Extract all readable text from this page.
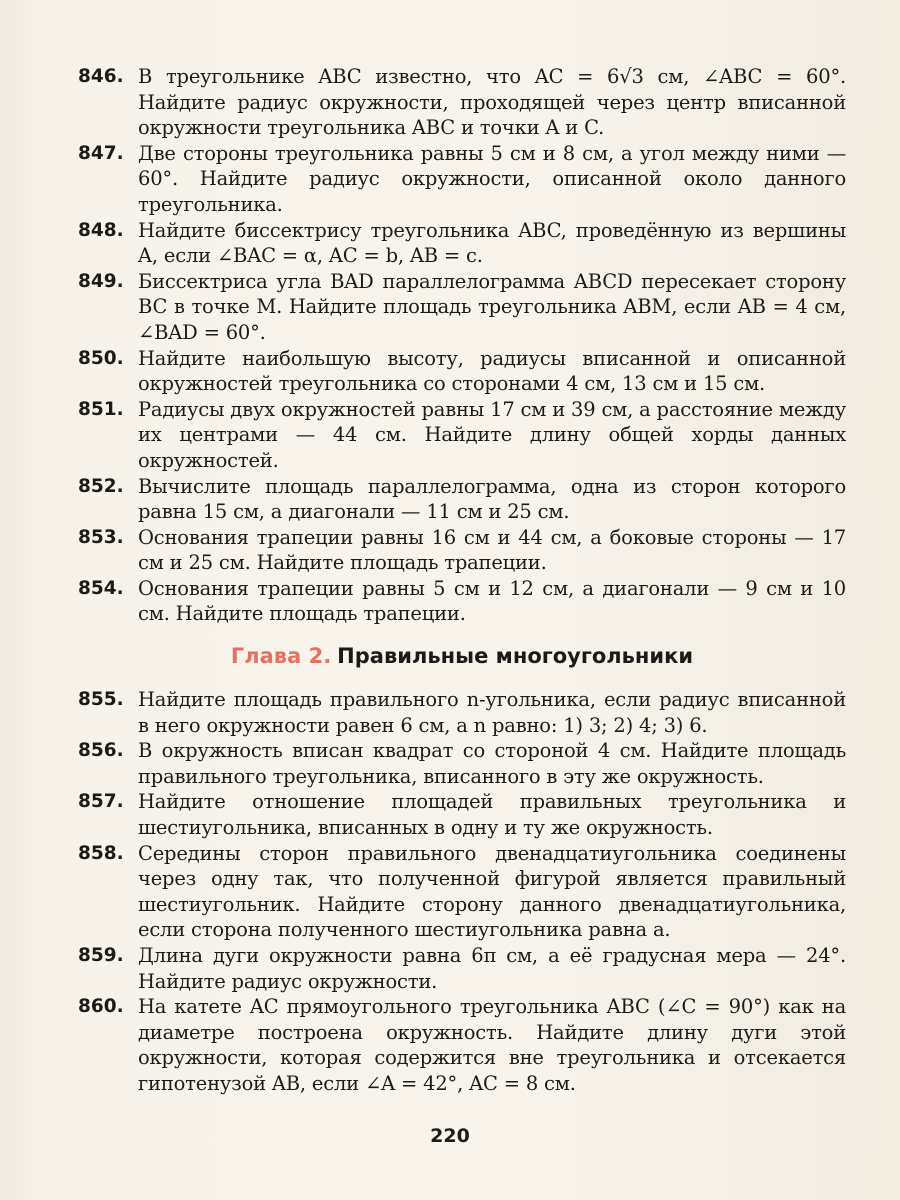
846. В треугольнике ABC известно, что AC = 6√3 см, ∠ABC = 60°. Найдите радиус окружности, проходящей через центр вписанной окружности треугольника ABC и точки A и C.
847. Две стороны треугольника равны 5 см и 8 см, а угол между ними — 60°. Найдите радиус окружности, описанной около данного треугольника.
848. Найдите биссектрису треугольника ABC, проведённую из вершины A, если ∠BAC = α, AC = b, AB = c.
849. Биссектриса угла BAD параллелограмма ABCD пересекает сторону BC в точке M. Найдите площадь треугольника ABM, если AB = 4 см, ∠BAD = 60°.
850. Найдите наибольшую высоту, радиусы вписанной и описанной окружностей треугольника со сторонами 4 см, 13 см и 15 см.
851. Радиусы двух окружностей равны 17 см и 39 см, а расстояние между их центрами — 44 см. Найдите длину общей хорды данных окружностей.
852. Вычислите площадь параллелограмма, одна из сторон которого равна 15 см, а диагонали — 11 см и 25 см.
853. Основания трапеции равны 16 см и 44 см, а боковые стороны — 17 см и 25 см. Найдите площадь трапеции.
854. Основания трапеции равны 5 см и 12 см, а диагонали — 9 см и 10 см. Найдите площадь трапеции.
Глава 2. Правильные многоугольники
855. Найдите площадь правильного n-угольника, если радиус вписанной в него окружности равен 6 см, а n равно: 1) 3; 2) 4; 3) 6.
856. В окружность вписан квадрат со стороной 4 см. Найдите площадь правильного треугольника, вписанного в эту же окружность.
857. Найдите отношение площадей правильных треугольника и шестиугольника, вписанных в одну и ту же окружность.
858. Середины сторон правильного двенадцатиугольника соединены через одну так, что полученной фигурой является правильный шестиугольник. Найдите сторону данного двенадцатиугольника, если сторона полученного шестиугольника равна a.
859. Длина дуги окружности равна 6π см, а её градусная мера — 24°. Найдите радиус окружности.
860. На катете AC прямоугольного треугольника ABC (∠C = 90°) как на диаметре построена окружность. Найдите длину дуги этой окружности, которая содержится вне треугольника и отсекается гипотенузой AB, если ∠A = 42°, AC = 8 см.
220
